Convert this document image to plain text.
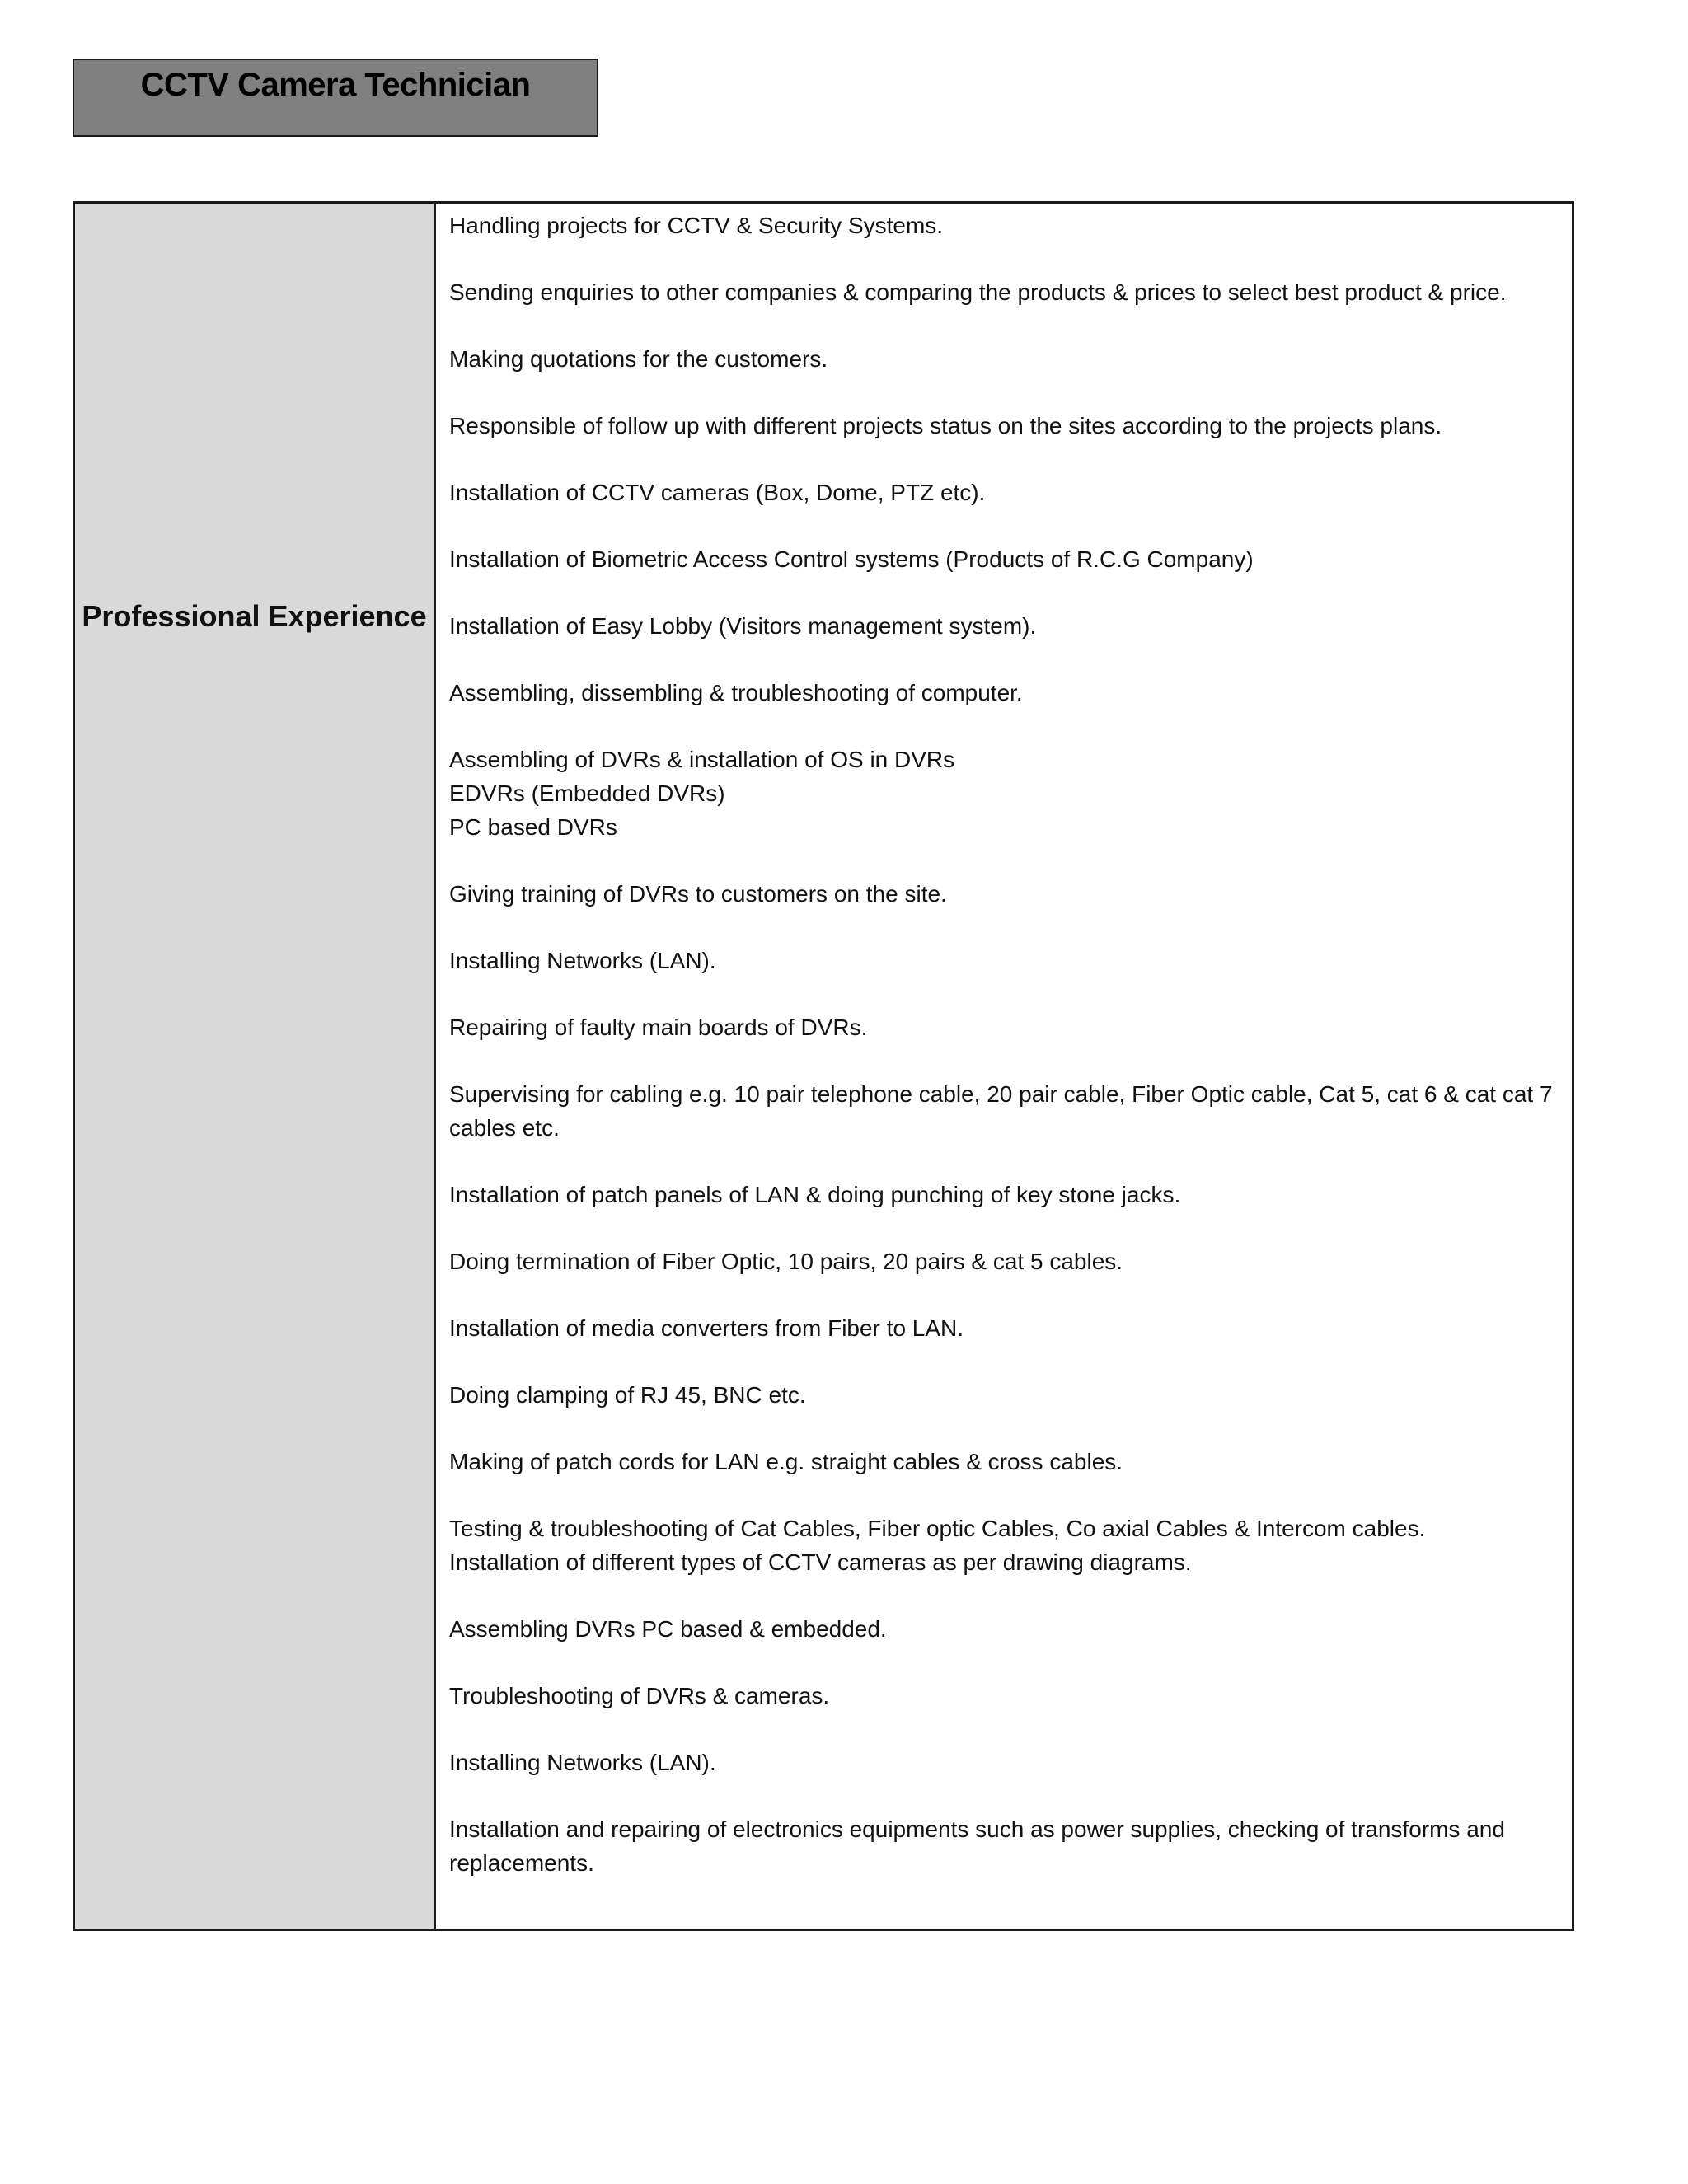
CCTV Camera Technician
Professional Experience
Handling projects for CCTV & Security Systems.
Sending enquiries to other companies & comparing the products & prices to select best product & price.
Making quotations for the customers.
Responsible of follow up with different projects status on the sites according to the projects plans.
Installation of CCTV cameras (Box, Dome, PTZ etc).
Installation of Biometric Access Control systems (Products of R.C.G Company)
Installation of Easy Lobby (Visitors management system).
Assembling, dissembling & troubleshooting of computer.
Assembling of DVRs & installation of OS in DVRs
EDVRs (Embedded DVRs)
PC based DVRs
Giving training of DVRs to customers on the site.
Installing Networks (LAN).
Repairing of faulty main boards of DVRs.
Supervising for cabling e.g. 10 pair telephone cable, 20 pair cable, Fiber Optic cable, Cat 5, cat 6 & cat cat 7 cables etc.
Installation of patch panels of LAN & doing punching of key stone jacks.
Doing termination of Fiber Optic, 10 pairs, 20 pairs & cat 5 cables.
Installation of media converters from Fiber to LAN.
Doing clamping of RJ 45, BNC etc.
Making of patch cords for LAN e.g. straight cables & cross cables.
Testing & troubleshooting of Cat Cables, Fiber optic Cables, Co axial Cables & Intercom cables.
Installation of different types of CCTV cameras as per drawing diagrams.
Assembling DVRs PC based & embedded.
Troubleshooting of DVRs & cameras.
Installing Networks (LAN).
Installation and repairing of electronics equipments such as power supplies, checking of transforms and replacements.
